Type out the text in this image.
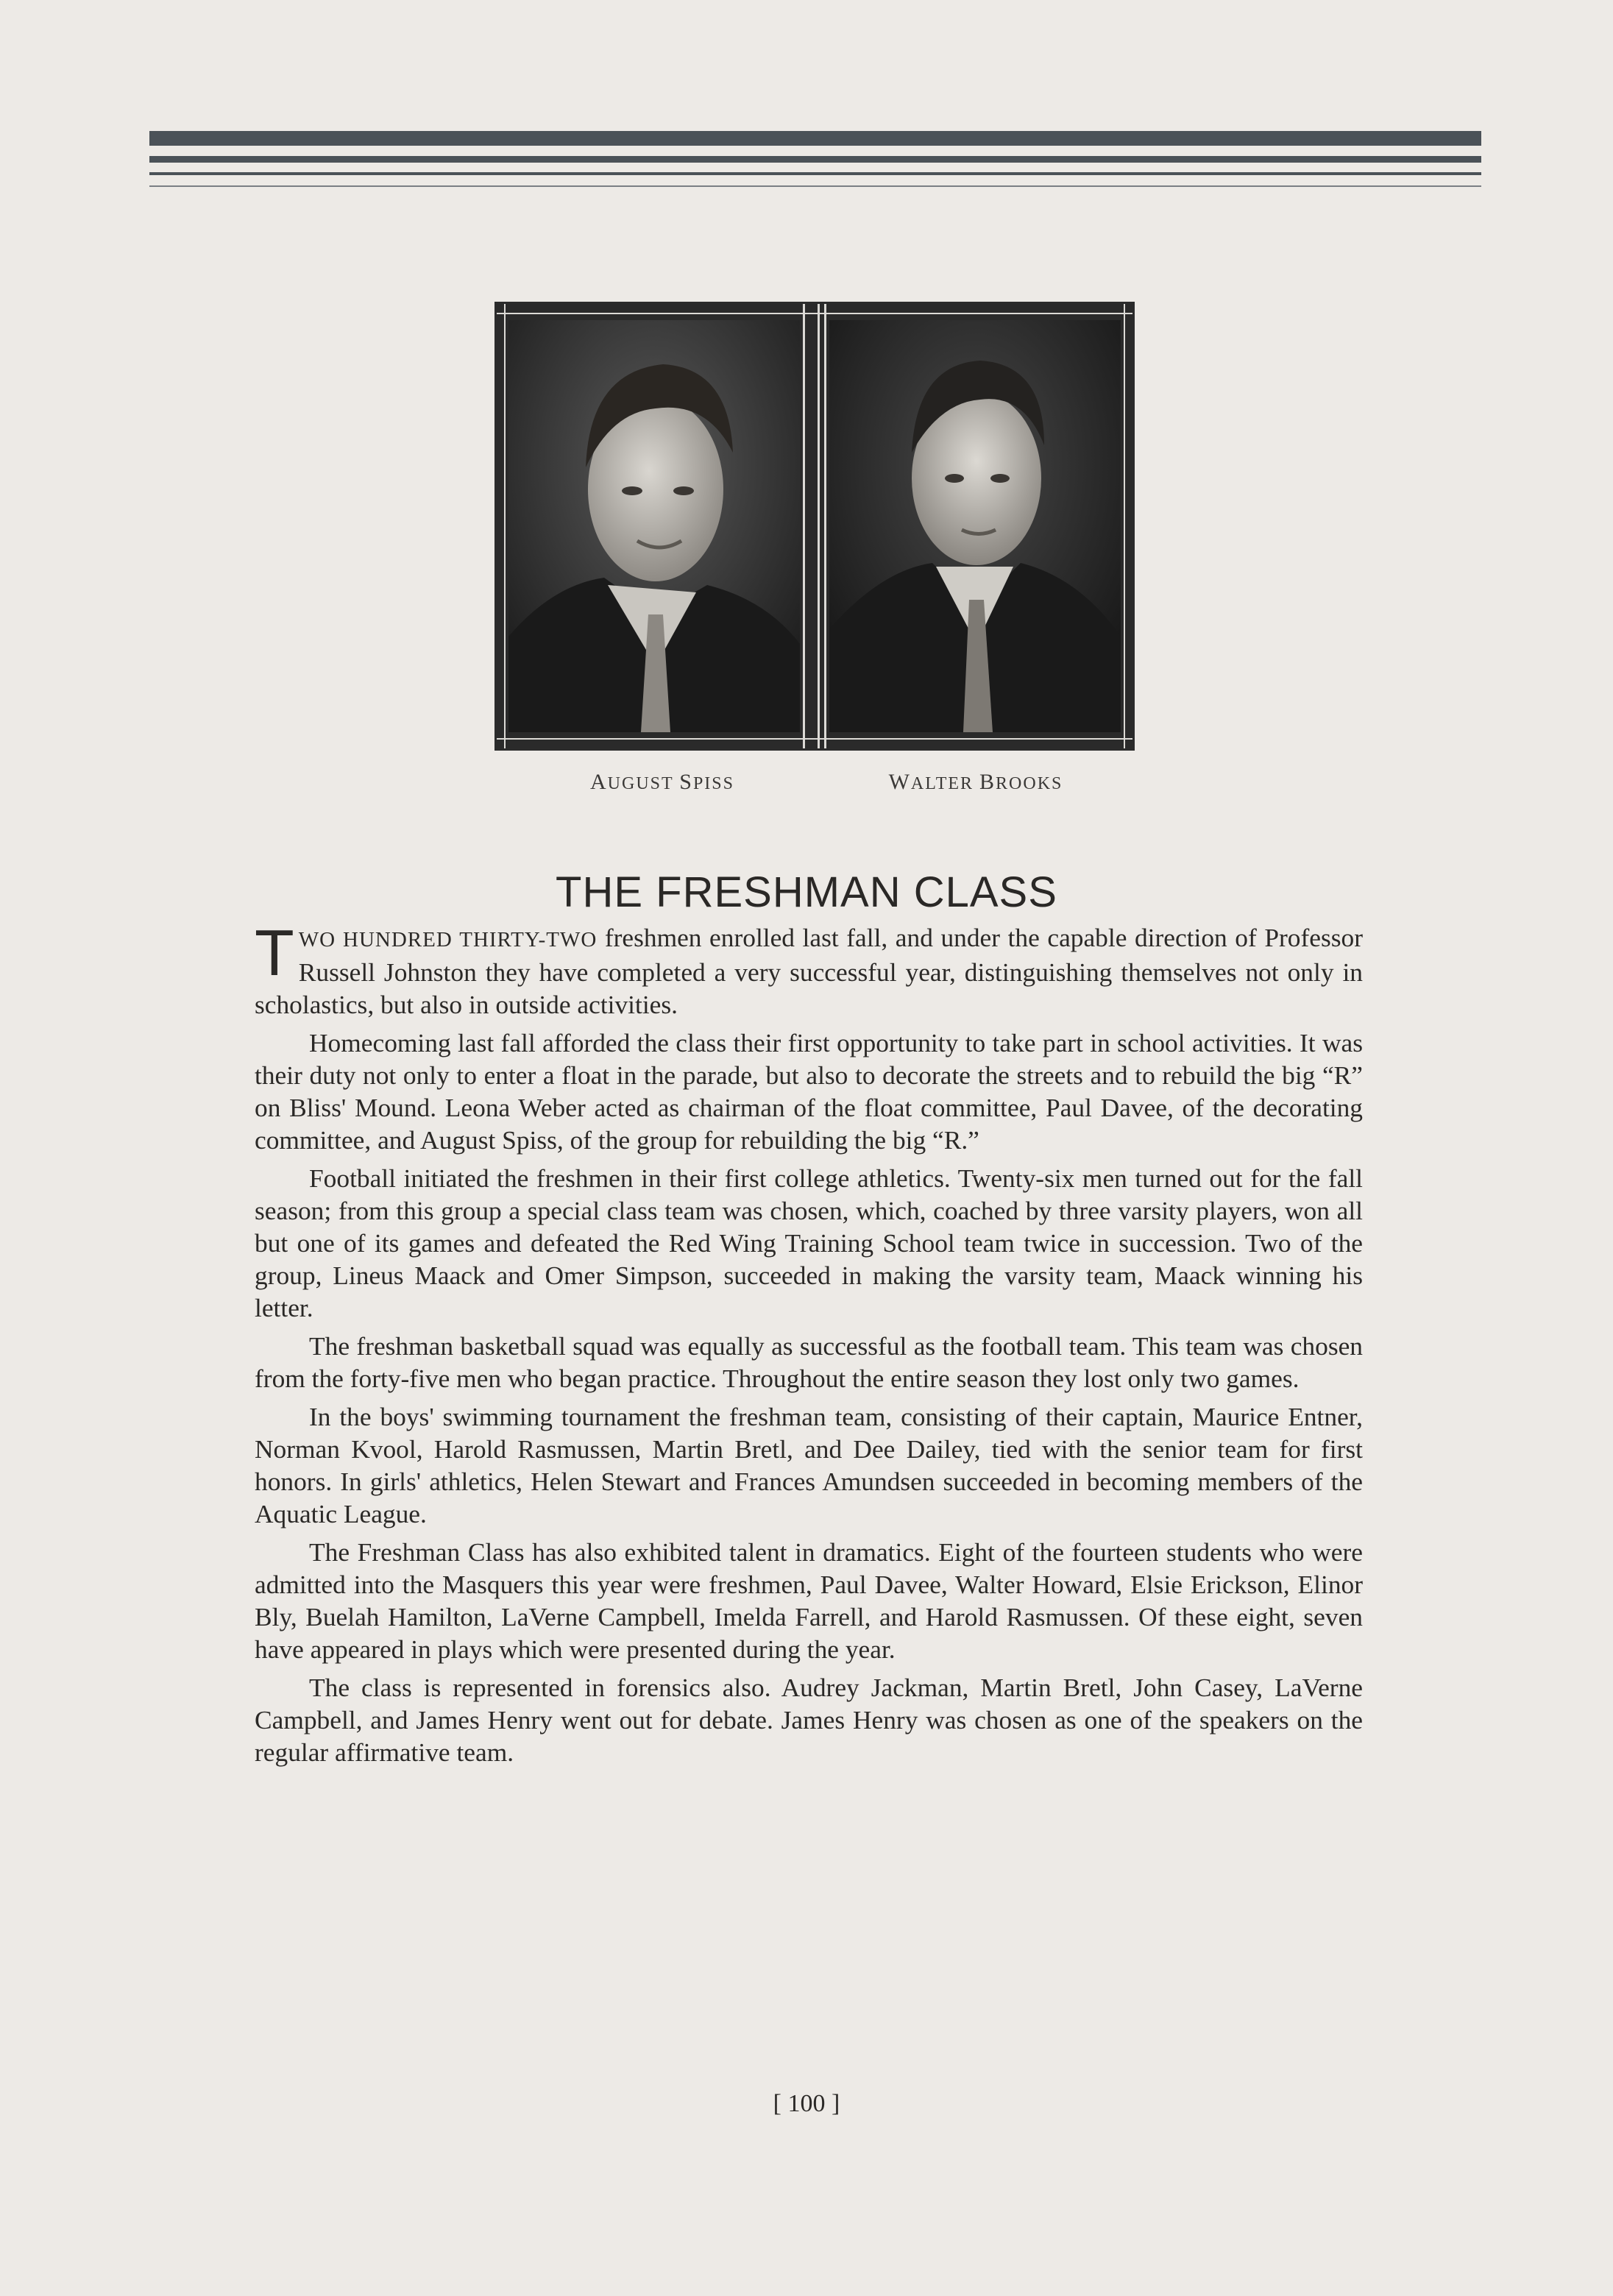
AUGUST SPISS	WALTER BROOKS
THE FRESHMAN CLASS

TWO HUNDRED THIRTY-TWO freshmen enrolled last fall, and under the capable direction of Professor Russell Johnston they have completed a very successful year, distinguishing themselves not only in scholastics, but also in outside activities.

Homecoming last fall afforded the class their first opportunity to take part in school activities. It was their duty not only to enter a float in the parade, but also to decorate the streets and to rebuild the big “R” on Bliss' Mound. Leona Weber acted as chairman of the float committee, Paul Davee, of the decorating committee, and August Spiss, of the group for rebuilding the big “R.”

Football initiated the freshmen in their first college athletics. Twenty-six men turned out for the fall season; from this group a special class team was chosen, which, coached by three varsity players, won all but one of its games and defeated the Red Wing Training School team twice in succession. Two of the group, Lineus Maack and Omer Simpson, succeeded in making the varsity team, Maack winning his letter.

The freshman basketball squad was equally as successful as the football team. This team was chosen from the forty-five men who began practice. Throughout the entire season they lost only two games.

In the boys' swimming tournament the freshman team, consisting of their captain, Maurice Entner, Norman Kvool, Harold Rasmussen, Martin Bretl, and Dee Dailey, tied with the senior team for first honors. In girls' athletics, Helen Stewart and Frances Amundsen succeeded in becoming members of the Aquatic League.

The Freshman Class has also exhibited talent in dramatics. Eight of the fourteen students who were admitted into the Masquers this year were freshmen, Paul Davee, Walter Howard, Elsie Erickson, Elinor Bly, Buelah Hamilton, LaVerne Campbell, Imelda Farrell, and Harold Rasmussen. Of these eight, seven have appeared in plays which were presented during the year.

The class is represented in forensics also. Audrey Jackman, Martin Bretl, John Casey, LaVerne Campbell, and James Henry went out for debate. James Henry was chosen as one of the speakers on the regular affirmative team.

[ 100 ]
